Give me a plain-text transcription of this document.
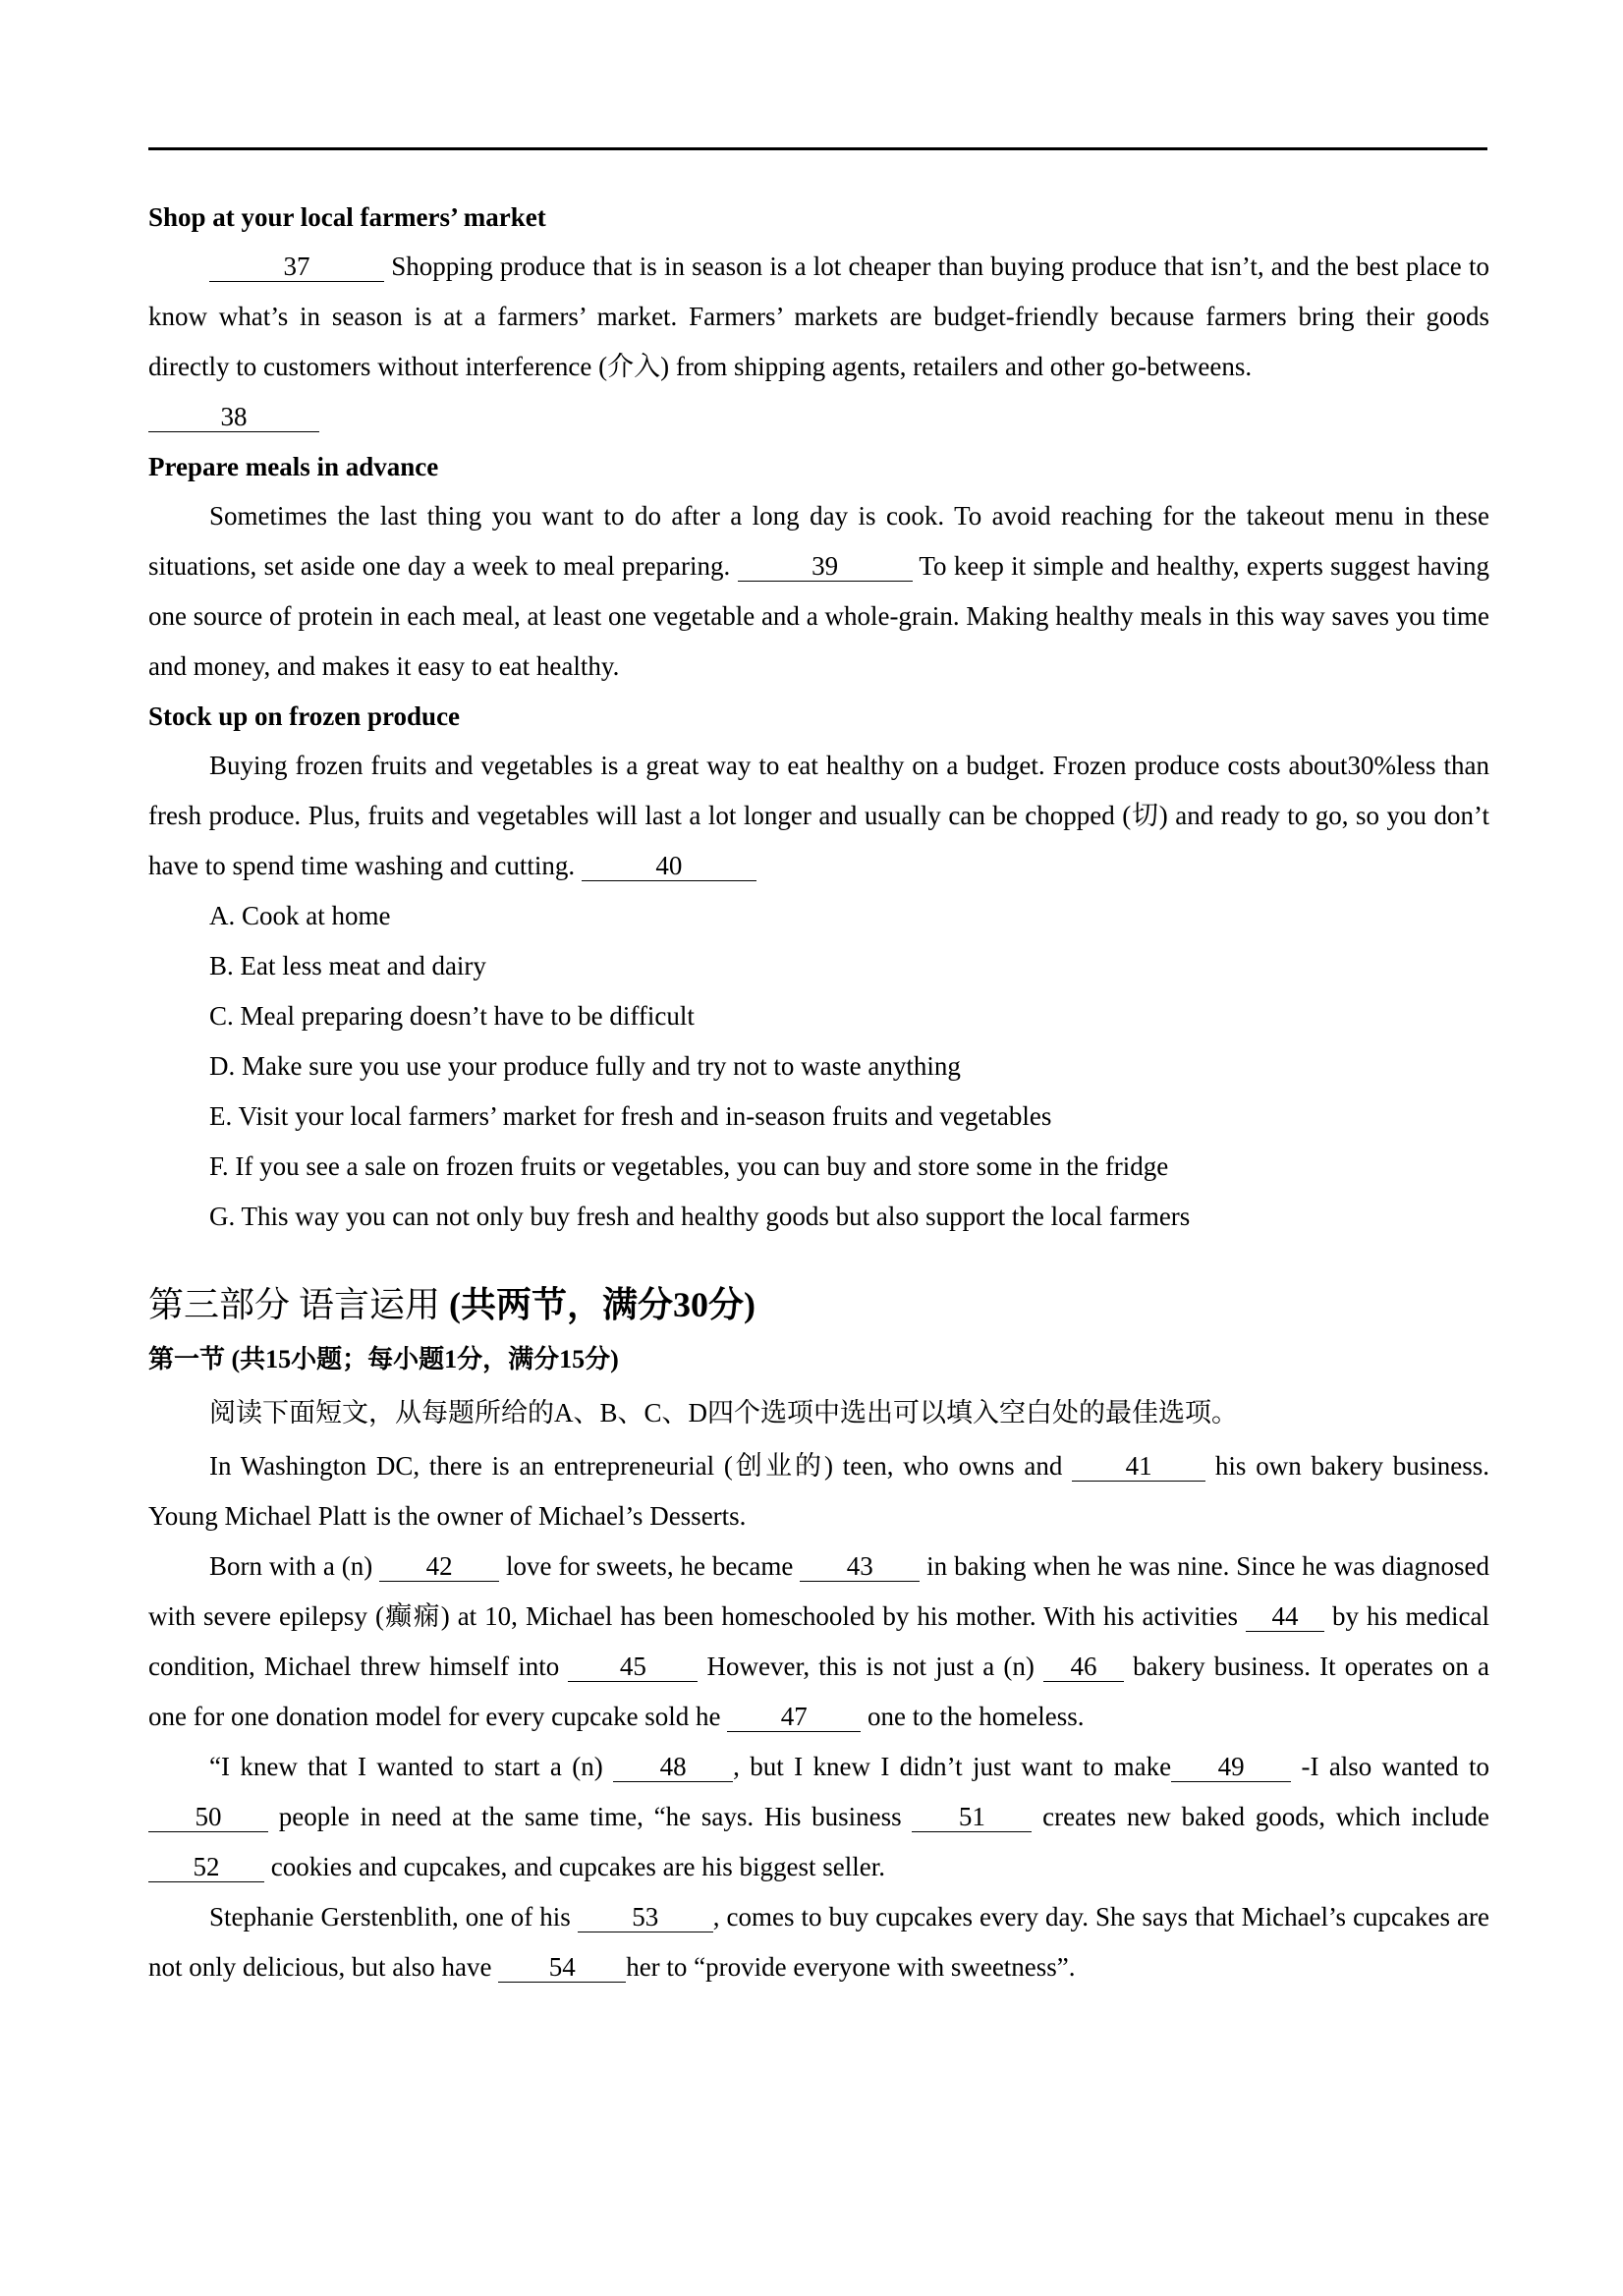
Shop at your local farmers’ market

37	Shopping produce that is in season is a lot cheaper than buying produce that isn’t, and the best place to know what’s in season is at a farmers’ market. Farmers’ markets are budget-friendly because farmers bring their goods directly to customers without interference (介入) from shipping agents, retailers and other go-betweens.

38
Prepare meals in advance

Sometimes the last thing you want to do after a long day is cook. To avoid reaching for the takeout menu in these situations, set aside one day a week to meal preparing.	39	To keep it simple and healthy, experts suggest having one source of protein in each meal, at least one vegetable and a whole-grain. Making healthy meals in this way saves you time and money, and makes it easy to eat healthy.

Stock up on frozen produce

Buying frozen fruits and vegetables is a great way to eat healthy on a budget. Frozen produce costs about30%less than fresh produce. Plus, fruits and vegetables will last a lot longer and usually can be chopped (切) and ready to go, so you don’t have to spend time washing and cutting.	40

A. Cook at home
B. Eat less meat and dairy
C. Meal preparing doesn’t have to be difficult
D. Make sure you use your produce fully and try not to waste anything
E. Visit your local farmers’ market for fresh and in-season fruits and vegetables
F. If you see a sale on frozen fruits or vegetables, you can buy and store some in the fridge
G. This way you can not only buy fresh and healthy goods but also support the local farmers
第三部分 语言运用 (共两节，满分30分)
第一节 (共15小题；每小题1分，满分15分)
阅读下面短文，从每题所给的A、B、C、D四个选项中选出可以填入空白处的最佳选项。

In Washington DC, there is an entrepreneurial (创业的) teen, who owns and 41 his own bakery business. Young Michael Platt is the owner of Michael’s Desserts.

Born with a (n) 42 love for sweets, he became 43 in baking when he was nine. Since he was diagnosed with severe epilepsy (癫痫) at 10, Michael has been homeschooled by his mother. With his activities 44 by his medical condition, Michael threw himself into 45 However, this is not just a (n) 46 bakery business. It operates on a one for one donation model for every cupcake sold he 47 one to the homeless.

“I knew that I wanted to start a (n) 48 , but I knew I didn’t just want to make 49 -I also wanted to 50 people in need at the same time, “he says. His business 51 creates new baked goods, which include 52 cookies and cupcakes, and cupcakes are his biggest seller.

Stephanie Gerstenblith, one of his 53 , comes to buy cupcakes every day. She says that Michael’s cupcakes are not only delicious, but also have 54 her to “provide everyone with sweetness”.
